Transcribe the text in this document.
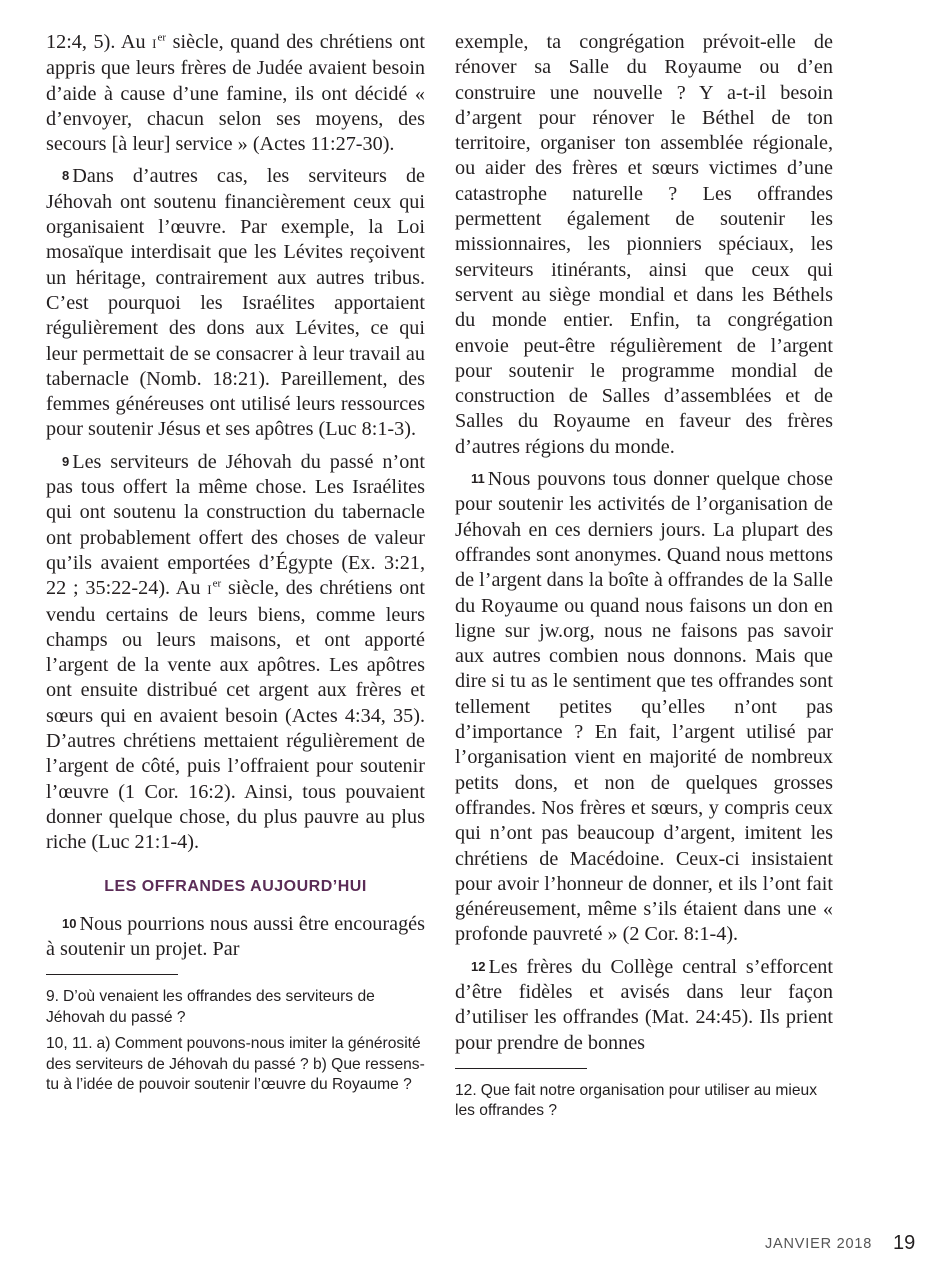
12:4, 5). Au Ier siècle, quand des chrétiens ont appris que leurs frères de Judée avaient besoin d’aide à cause d’une famine, ils ont décidé « d’envoyer, chacun selon ses moyens, des secours [à leur] service » (Actes 11:27-30).

8 Dans d’autres cas, les serviteurs de Jéhovah ont soutenu financièrement ceux qui organisaient l’œuvre. Par exemple, la Loi mosaïque interdisait que les Lévites reçoivent un héritage, contrairement aux autres tribus. C’est pourquoi les Israélites apportaient régulièrement des dons aux Lévites, ce qui leur permettait de se consacrer à leur travail au tabernacle (Nomb. 18:21). Pareillement, des femmes généreuses ont utilisé leurs ressources pour soutenir Jésus et ses apôtres (Luc 8:1-3).

9 Les serviteurs de Jéhovah du passé n’ont pas tous offert la même chose. Les Israélites qui ont soutenu la construction du tabernacle ont probablement offert des choses de valeur qu’ils avaient emportées d’Égypte (Ex. 3:21, 22 ; 35:22-24). Au Ier siècle, des chrétiens ont vendu certains de leurs biens, comme leurs champs ou leurs maisons, et ont apporté l’argent de la vente aux apôtres. Les apôtres ont ensuite distribué cet argent aux frères et sœurs qui en avaient besoin (Actes 4:34, 35). D’autres chrétiens mettaient régulièrement de l’argent de côté, puis l’offraient pour soutenir l’œuvre (1 Cor. 16:2). Ainsi, tous pouvaient donner quelque chose, du plus pauvre au plus riche (Luc 21:1-4).

LES OFFRANDES AUJOURD’HUI

10 Nous pourrions nous aussi être encouragés à soutenir un projet. Par

9. D’où venaient les offrandes des serviteurs de Jéhovah du passé ?

10, 11. a) Comment pouvons-nous imiter la générosité des serviteurs de Jéhovah du passé ? b) Que ressens-tu à l’idée de pouvoir soutenir l’œuvre du Royaume ?

exemple, ta congrégation prévoit-elle de rénover sa Salle du Royaume ou d’en construire une nouvelle ? Y a-t-il besoin d’argent pour rénover le Béthel de ton territoire, organiser ton assemblée régionale, ou aider des frères et sœurs victimes d’une catastrophe naturelle ? Les offrandes permettent également de soutenir les missionnaires, les pionniers spéciaux, les serviteurs itinérants, ainsi que ceux qui servent au siège mondial et dans les Béthels du monde entier. Enfin, ta congrégation envoie peut-être régulièrement de l’argent pour soutenir le programme mondial de construction de Salles d’assemblées et de Salles du Royaume en faveur des frères d’autres régions du monde.

11 Nous pouvons tous donner quelque chose pour soutenir les activités de l’organisation de Jéhovah en ces derniers jours. La plupart des offrandes sont anonymes. Quand nous mettons de l’argent dans la boîte à offrandes de la Salle du Royaume ou quand nous faisons un don en ligne sur jw.org, nous ne faisons pas savoir aux autres combien nous donnons. Mais que dire si tu as le sentiment que tes offrandes sont tellement petites qu’elles n’ont pas d’importance ? En fait, l’argent utilisé par l’organisation vient en majorité de nombreux petits dons, et non de quelques grosses offrandes. Nos frères et sœurs, y compris ceux qui n’ont pas beaucoup d’argent, imitent les chrétiens de Macédoine. Ceux-ci insistaient pour avoir l’honneur de donner, et ils l’ont fait généreusement, même s’ils étaient dans une « profonde pauvreté » (2 Cor. 8:1-4).

12 Les frères du Collège central s’efforcent d’être fidèles et avisés dans leur façon d’utiliser les offrandes (Mat. 24:45). Ils prient pour prendre de bonnes

12. Que fait notre organisation pour utiliser au mieux les offrandes ?

JANVIER 2018 19
